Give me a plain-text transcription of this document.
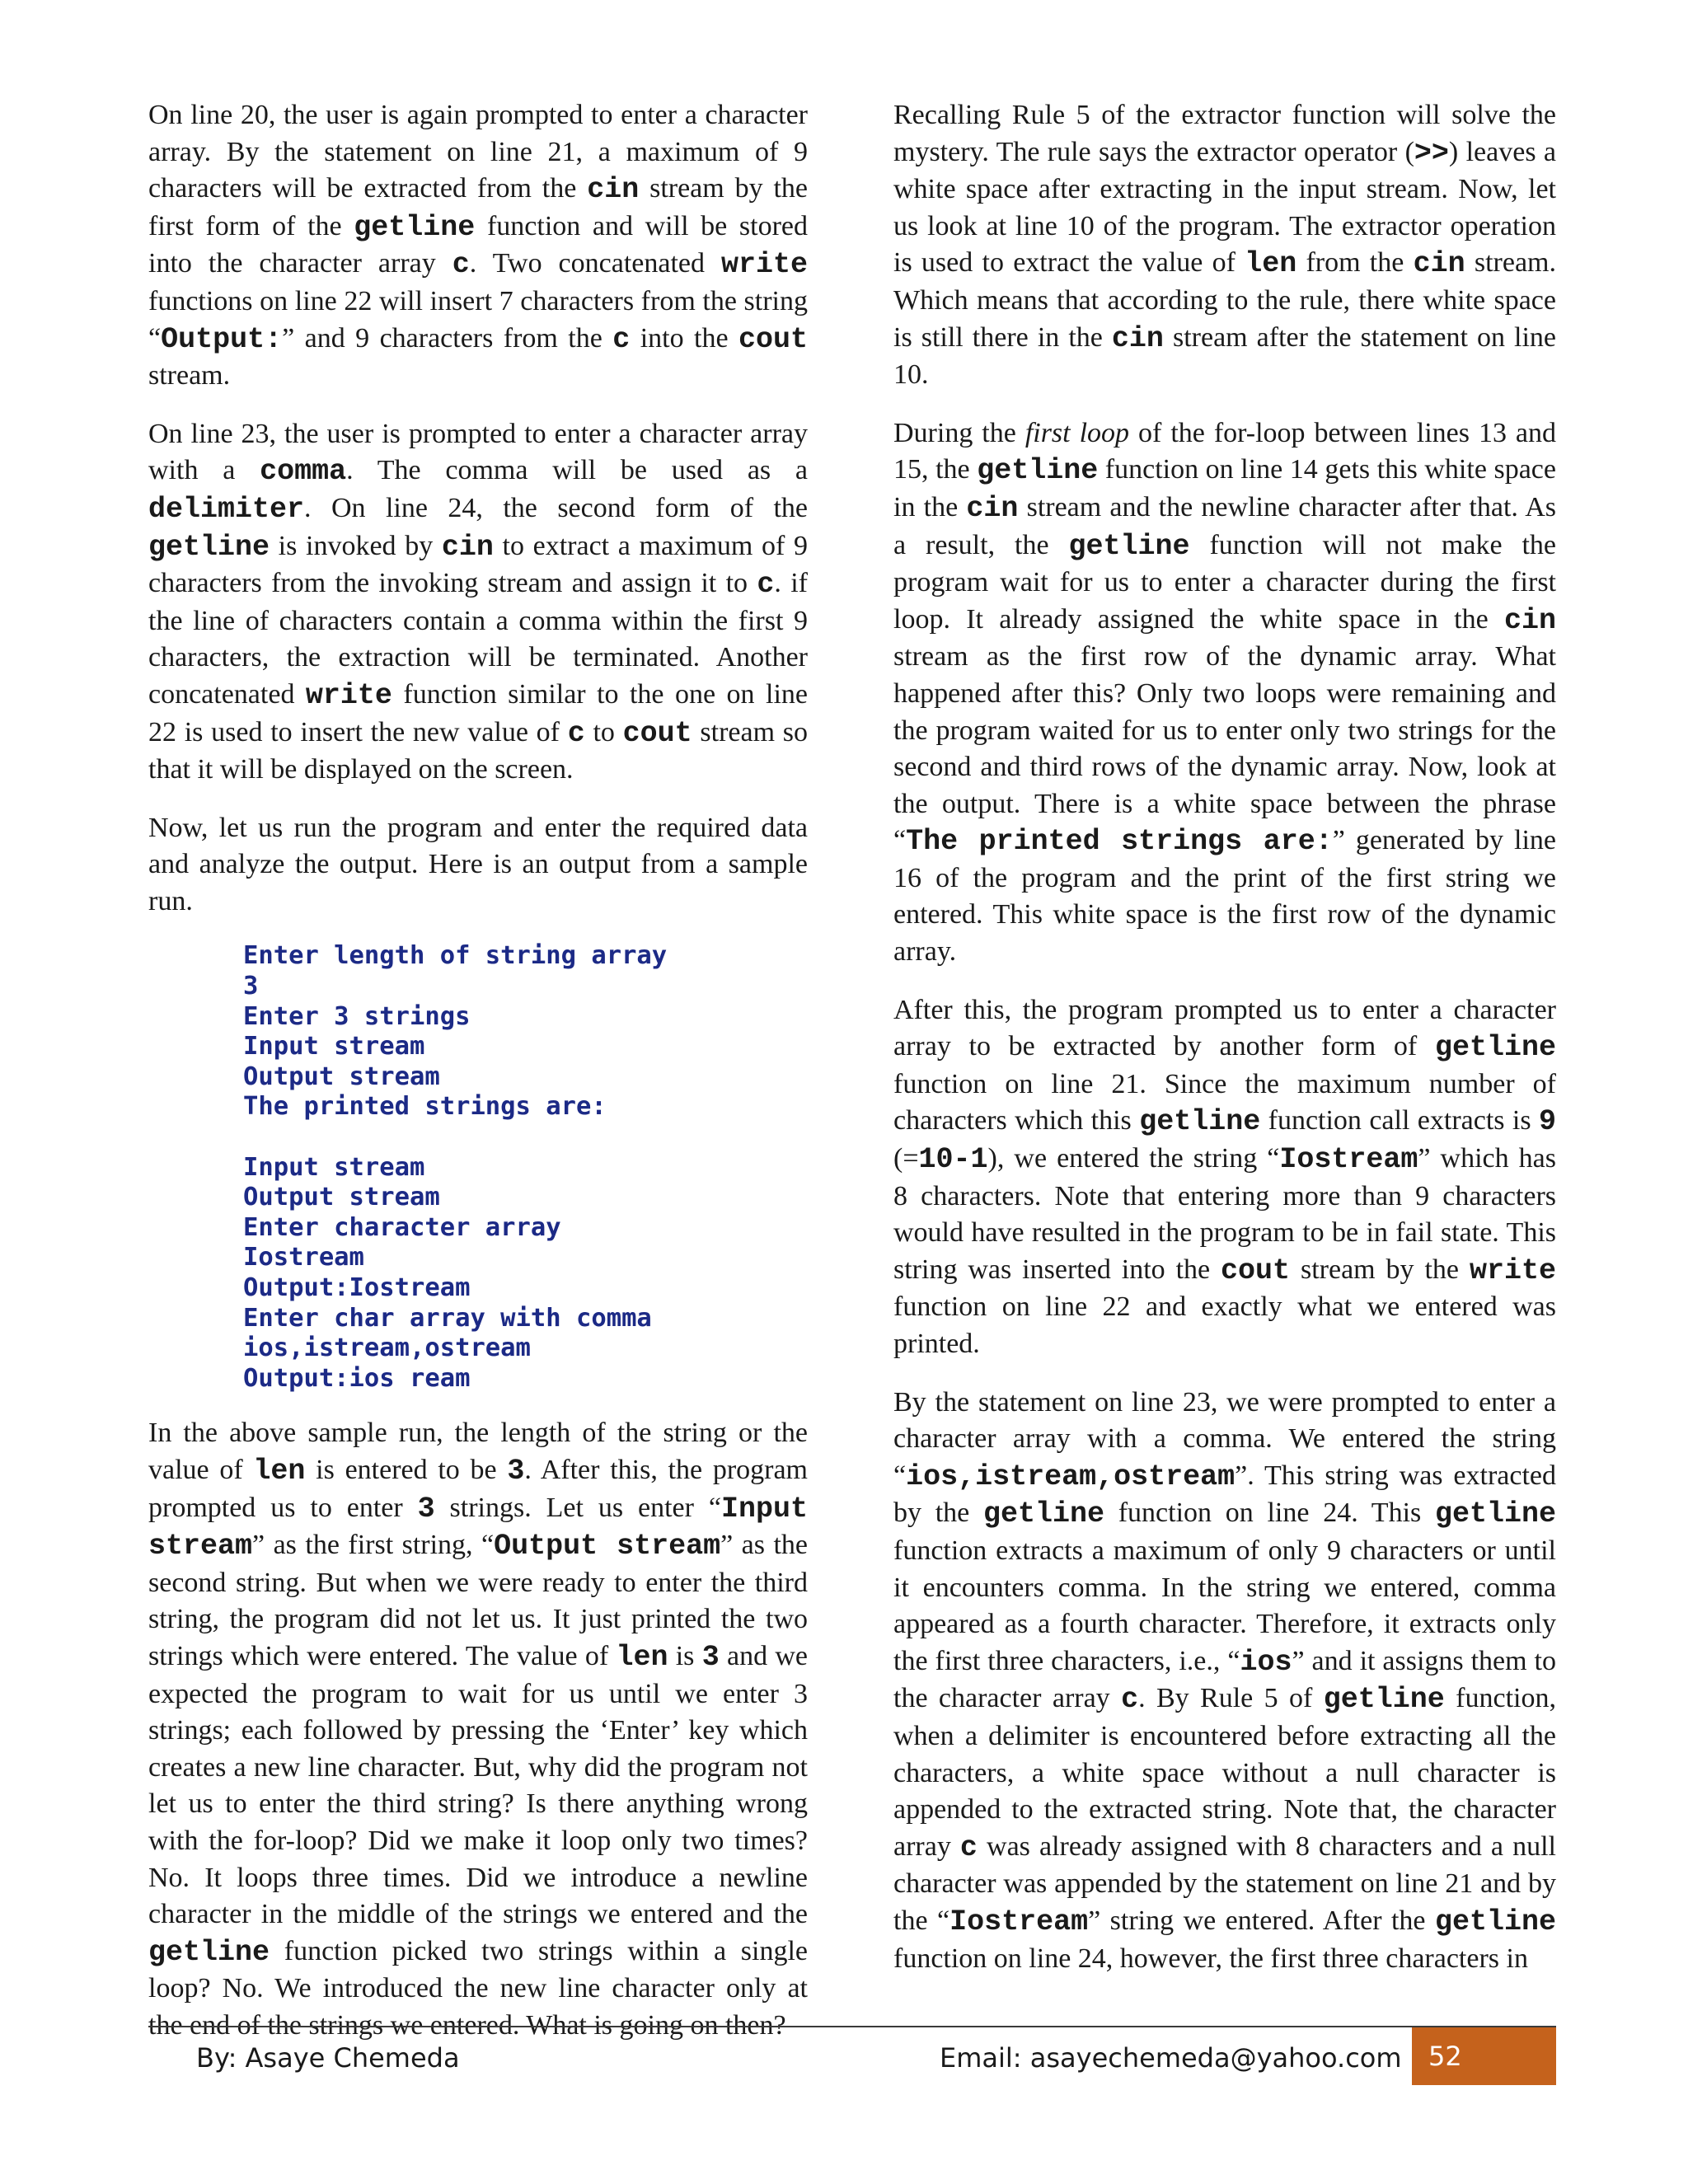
On line 20, the user is again prompted to enter a character array. By the statement on line 21, a maximum of 9 characters will be extracted from the cin stream by the first form of the getline function and will be stored into the character array c. Two concatenated write functions on line 22 will insert 7 characters from the string “Output:” and 9 characters from the c into the cout stream.

On line 23, the user is prompted to enter a character array with a comma. The comma will be used as a delimiter. On line 24, the second form of the getline is invoked by cin to extract a maximum of 9 characters from the invoking stream and assign it to c. if the line of characters contain a comma within the first 9 characters, the extraction will be terminated. Another concatenated write function similar to the one on line 22 is used to insert the new value of c to cout stream so that it will be displayed on the screen.

Now, let us run the program and enter the required data and analyze the output. Here is an output from a sample run.

Enter length of string array
3
Enter 3 strings
Input stream
Output stream
The printed strings are:
Input stream
Output stream
Enter character array
Iostream
Output:Iostream
Enter char array with comma
ios,istream,ostream
Output:ios ream

In the above sample run, the length of the string or the value of len is entered to be 3. After this, the program prompted us to enter 3 strings. Let us enter “Input stream” as the first string, “Output stream” as the second string. But when we were ready to enter the third string, the program did not let us. It just printed the two strings which were entered. The value of len is 3 and we expected the program to wait for us until we enter 3 strings; each followed by pressing the ‘Enter’ key which creates a new line character. But, why did the program not let us to enter the third string? Is there anything wrong with the for-loop? Did we make it loop only two times? No. It loops three times. Did we introduce a newline character in the middle of the strings we entered and the getline function picked two strings within a single loop? No. We introduced the new line character only at the end of the strings we entered. What is going on then?

Recalling Rule 5 of the extractor function will solve the mystery. The rule says the extractor operator (>>) leaves a white space after extracting in the input stream. Now, let us look at line 10 of the program. The extractor operation is used to extract the value of len from the cin stream. Which means that according to the rule, there white space is still there in the cin stream after the statement on line 10.

During the first loop of the for-loop between lines 13 and 15, the getline function on line 14 gets this white space in the cin stream and the newline character after that. As a result, the getline function will not make the program wait for us to enter a character during the first loop. It already assigned the white space in the cin stream as the first row of the dynamic array. What happened after this? Only two loops were remaining and the program waited for us to enter only two strings for the second and third rows of the dynamic array. Now, look at the output. There is a white space between the phrase “The printed strings are:” generated by line 16 of the program and the print of the first string we entered. This white space is the first row of the dynamic array.

After this, the program prompted us to enter a character array to be extracted by another form of getline function on line 21. Since the maximum number of characters which this getline function call extracts is 9 (=10-1), we entered the string “Iostream” which has 8 characters. Note that entering more than 9 characters would have resulted in the program to be in fail state. This string was inserted into the cout stream by the write function on line 22 and exactly what we entered was printed.

By the statement on line 23, we were prompted to enter a character array with a comma. We entered the string “ios,istream,ostream”. This string was extracted by the getline function on line 24. This getline function extracts a maximum of only 9 characters or until it encounters comma. In the string we entered, comma appeared as a fourth character. Therefore, it extracts only the first three characters, i.e., “ios” and it assigns them to the character array c. By Rule 5 of getline function, when a delimiter is encountered before extracting all the characters, a white space without a null character is appended to the extracted string. Note that, the character array c was already assigned with 8 characters and a null character was appended by the statement on line 21 and by the “Iostream” string we entered. After the getline function on line 24, however, the first three characters in

By: Asaye Chemeda	Email: asayechemeda@yahoo.com 52
